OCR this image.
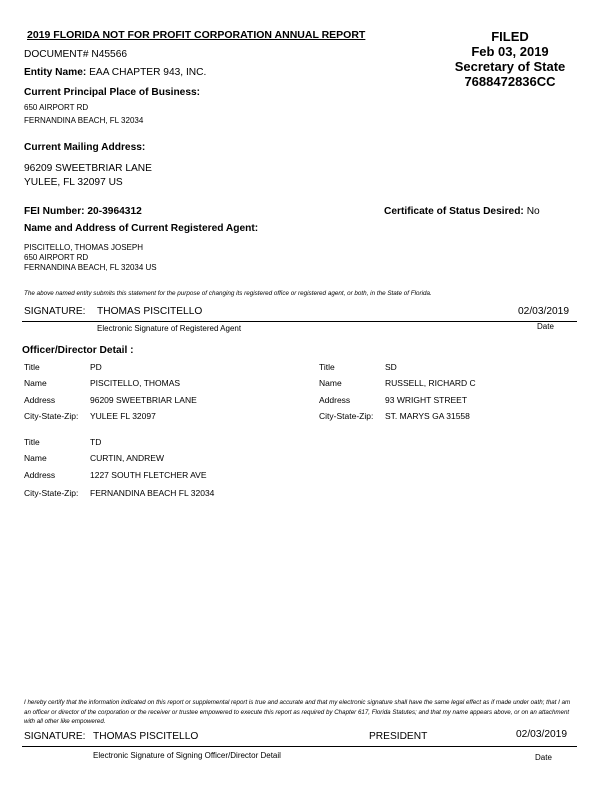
2019 FLORIDA NOT FOR PROFIT CORPORATION ANNUAL REPORT
DOCUMENT# N45566
Entity Name: EAA CHAPTER 943, INC.
FILED
Feb 03, 2019
Secretary of State
7688472836CC
Current Principal Place of Business:
650 AIRPORT RD
FERNANDINA BEACH, FL 32034
Current Mailing Address:
96209 SWEETBRIAR LANE
YULEE, FL 32097 US
FEI Number: 20-3964312	Certificate of Status Desired: No
Name and Address of Current Registered Agent:
PISCITELLO, THOMAS JOSEPH
650 AIRPORT RD
FERNANDINA BEACH, FL 32034 US
The above named entity submits this statement for the purpose of changing its registered office or registered agent, or both, in the State of Florida.
SIGNATURE: THOMAS PISCITELLO	02/03/2019
Electronic Signature of Registered Agent	Date
Officer/Director Detail :
Title	PD
Name	PISCITELLO, THOMAS
Address	96209 SWEETBRIAR LANE
City-State-Zip: YULEE FL 32097
Title	SD
Name	RUSSELL, RICHARD C
Address	93 WRIGHT STREET
City-State-Zip: ST. MARYS GA 31558
Title	TD
Name	CURTIN, ANDREW
Address	1227 SOUTH FLETCHER AVE
City-State-Zip: FERNANDINA BEACH FL 32034
I hereby certify that the information indicated on this report or supplemental report is true and accurate and that my electronic signature shall have the same legal effect as if made under oath; that I am an officer or director of the corporation or the receiver or trustee empowered to execute this report as required by Chapter 617, Florida Statutes; and that my name appears above, or on an attachment with all other like empowered.
SIGNATURE: THOMAS PISCITELLO	PRESIDENT	02/03/2019
Electronic Signature of Signing Officer/Director Detail	Date
